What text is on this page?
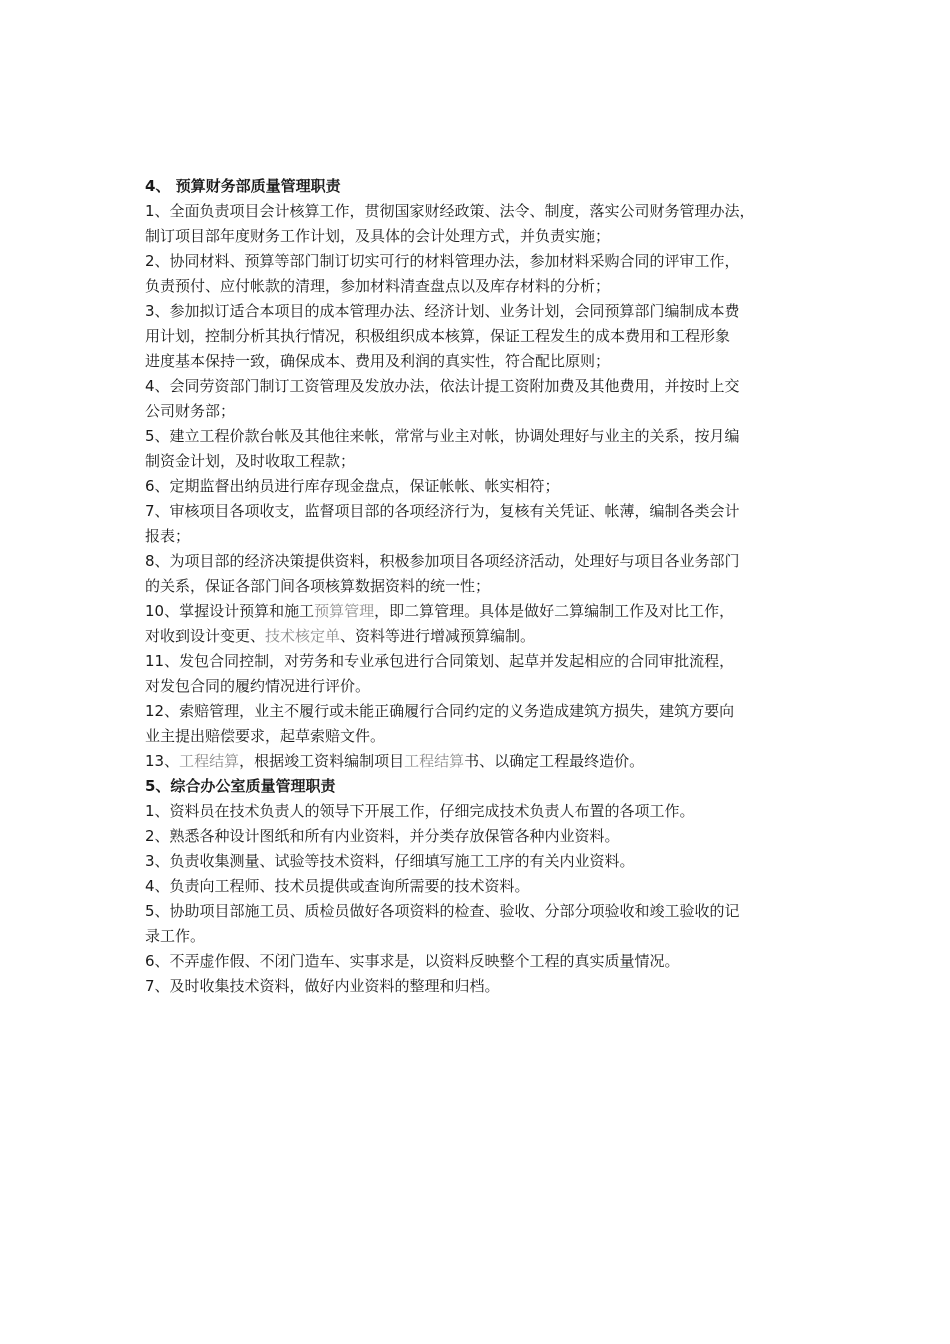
4、 预算财务部质量管理职责

1、全面负责项目会计核算工作，贯彻国家财经政策、法令、制度，落实公司财务管理办法，

制订项目部年度财务工作计划，及具体的会计处理方式，并负责实施；

2、协同材料、预算等部门制订切实可行的材料管理办法，参加材料采购合同的评审工作，

负责预付、应付帐款的清理，参加材料清查盘点以及库存材料的分析；

3、参加拟订适合本项目的成本管理办法、经济计划、业务计划，会同预算部门编制成本费

用计划，控制分析其执行情况，积极组织成本核算，保证工程发生的成本费用和工程形象

进度基本保持一致，确保成本、费用及利润的真实性，符合配比原则；

4、会同劳资部门制订工资管理及发放办法，依法计提工资附加费及其他费用，并按时上交

公司财务部；

5、建立工程价款台帐及其他往来帐，常常与业主对帐，协调处理好与业主的关系，按月编

制资金计划，及时收取工程款；

6、定期监督出纳员进行库存现金盘点，保证帐帐、帐实相符；

7、审核项目各项收支，监督项目部的各项经济行为，复核有关凭证、帐薄，编制各类会计

报表；

8、为项目部的经济决策提供资料，积极参加项目各项经济活动，处理好与项目各业务部门

的关系，保证各部门间各项核算数据资料的统一性；

10、掌握设计预算和施工预算管理，即二算管理。具体是做好二算编制工作及对比工作，

对收到设计变更、技术核定单、资料等进行增减预算编制。

11、发包合同控制，对劳务和专业承包进行合同策划、起草并发起相应的合同审批流程，

对发包合同的履约情况进行评价。

12、索赔管理，业主不履行或未能正确履行合同约定的义务造成建筑方损失，建筑方要向

业主提出赔偿要求，起草索赔文件。

13、工程结算，根据竣工资料编制项目工程结算书、以确定工程最终造价。

5、综合办公室质量管理职责

1、资料员在技术负责人的领导下开展工作，仔细完成技术负责人布置的各项工作。

2、熟悉各种设计图纸和所有内业资料，并分类存放保管各种内业资料。

3、负责收集测量、试验等技术资料，仔细填写施工工序的有关内业资料。

4、负责向工程师、技术员提供或查询所需要的技术资料。

5、协助项目部施工员、质检员做好各项资料的检查、验收、分部分项验收和竣工验收的记

录工作。

6、不弄虚作假、不闭门造车、实事求是，以资料反映整个工程的真实质量情况。

7、及时收集技术资料，做好内业资料的整理和归档。
